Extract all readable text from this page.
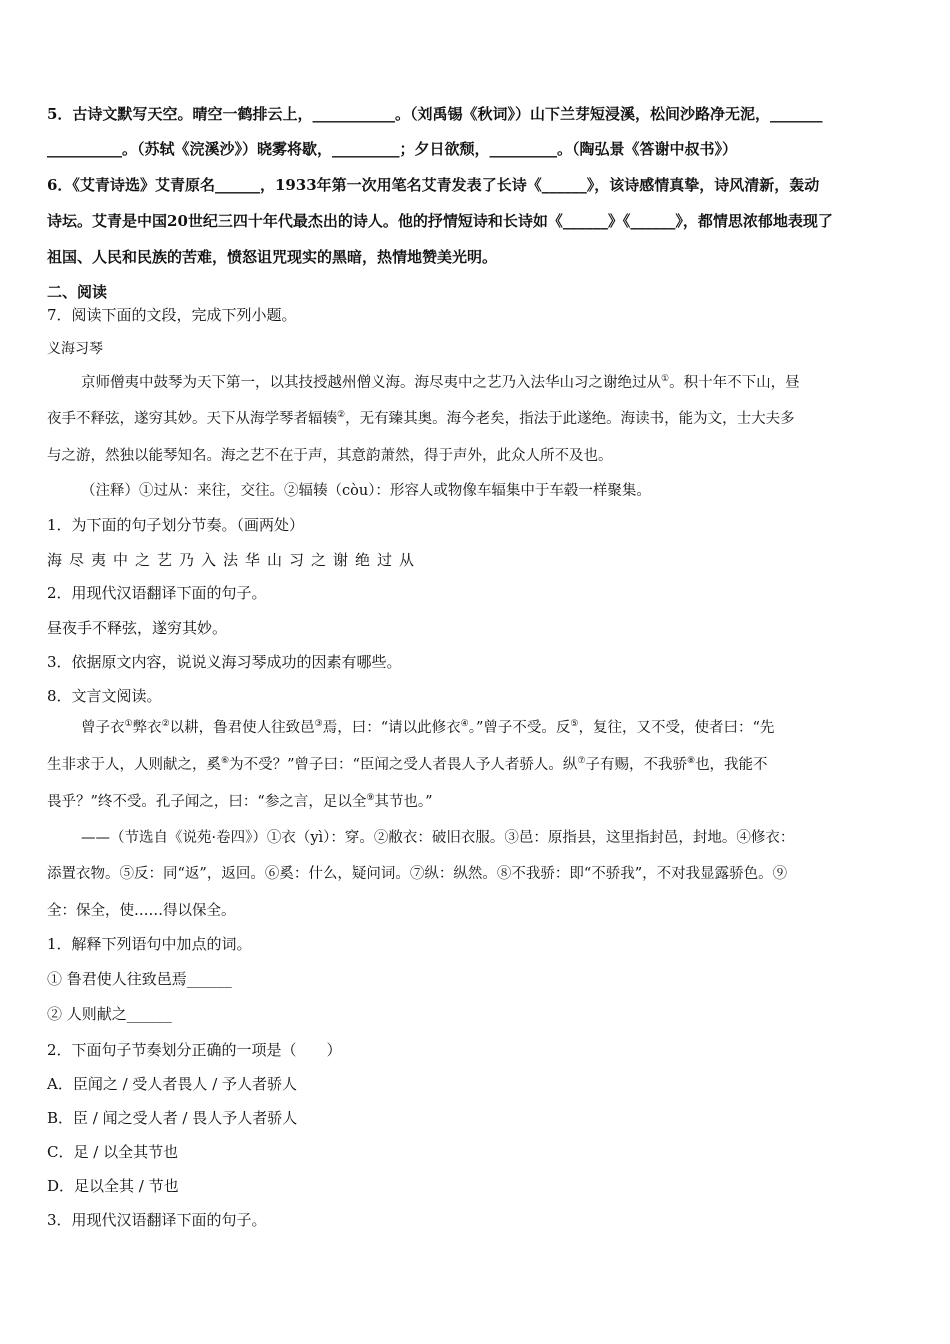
5．古诗文默写天空。晴空一鹤排云上，___________。（刘禹锡《秋词》）山下兰芽短浸溪，松间沙路净无泥，_______
__________。（苏轼《浣溪沙》）晓雾将歇，_________；夕日欲颓，_________。（陶弘景《答谢中叔书》）
6．《艾青诗选》艾青原名______，1933年第一次用笔名艾青发表了长诗《______》，该诗感情真挚，诗风清新，轰动
诗坛。艾青是中国20世纪三四十年代最杰出的诗人。他的抒情短诗和长诗如《______》《______》，都情思浓郁地表现了
祖国、人民和民族的苦难，愤怒诅咒现实的黑暗，热情地赞美光明。
二、阅读
7．阅读下面的文段，完成下列小题。
义海习琴
京师僧夷中鼓琴为天下第一，以其技授越州僧义海。海尽夷中之艺乃入法华山习之谢绝过从①。积十年不下山，昼
夜手不释弦，遂穷其妙。天下从海学琴者辐辏②，无有臻其奥。海今老矣，指法于此遂绝。海读书，能为文，士大夫多
与之游，然独以能琴知名。海之艺不在于声，其意韵萧然，得于声外，此众人所不及也。
（注释）①过从：来往，交往。②辐辏（còu）：形容人或物像车辐集中于车毂一样聚集。
1．为下面的句子划分节奏。（画两处）
海尽夷中之艺乃入法华山习之谢绝过从
2．用现代汉语翻译下面的句子。
昼夜手不释弦，遂穷其妙。
3．依据原文内容，说说义海习琴成功的因素有哪些。
8．文言文阅读。
曾子衣①弊衣②以耕，鲁君使人往致邑③焉，曰：“请以此修衣④。”曾子不受。反⑤，复往，又不受，使者曰：“先
生非求于人，人则献之，奚⑥为不受？”曾子曰：“臣闻之受人者畏人予人者骄人。纵⑦子有赐，不我骄⑧也，我能不
畏乎？”终不受。孔子闻之，曰：“参之言，足以全⑨其节也。”
——（节选自《说苑·卷四》）①衣（yì）：穿。②敝衣：破旧衣服。③邑：原指县，这里指封邑，封地。④修衣：
添置衣物。⑤反：同“返”，返回。⑥奚：什么，疑问词。⑦纵：纵然。⑧不我骄：即“不骄我”，不对我显露骄色。⑨
全：保全，使……得以保全。
1．解释下列语句中加点的词。
① 鲁君使人往致邑焉______
② 人则献之______
2．下面句子节奏划分正确的一项是（　　）
A．臣闻之 / 受人者畏人 / 予人者骄人
B．臣 / 闻之受人者 / 畏人予人者骄人
C．足 / 以全其节也
D．足以全其 / 节也
3．用现代汉语翻译下面的句子。
